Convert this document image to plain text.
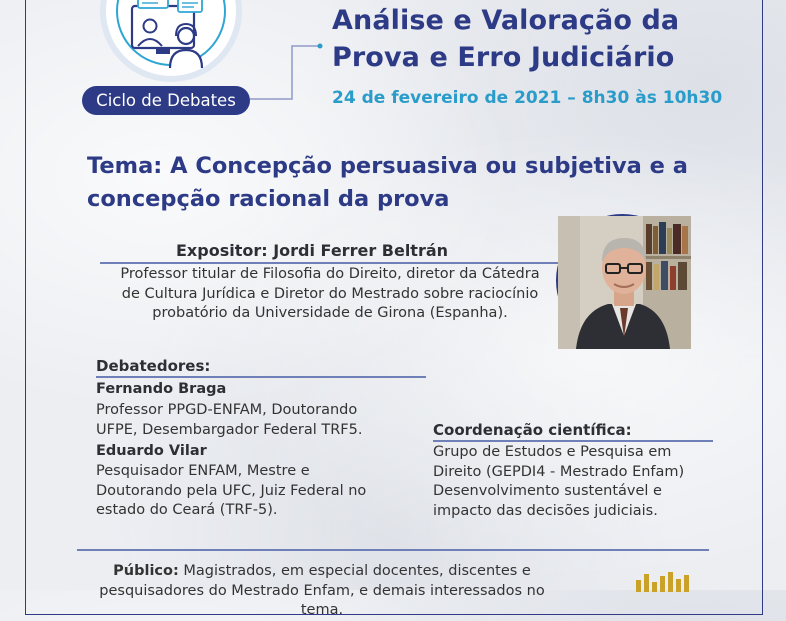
Ciclo de Debates
Análise e Valoração da
Prova e Erro Judiciário
24 de fevereiro de 2021 – 8h30 às 10h30
Tema: A Concepção persuasiva ou subjetiva e a
concepção racional da prova
Expositor: Jordi Ferrer Beltrán
Professor titular de Filosofia do Direito, diretor da Cátedra
de Cultura Jurídica e Diretor do Mestrado sobre raciocínio
probatório da Universidade de Girona (Espanha).
Debatedores:
Fernando Braga
Professor PPGD-ENFAM, Doutorando
UFPE, Desembargador Federal TRF5.
Eduardo Vilar
Pesquisador ENFAM, Mestre e
Doutorando pela UFC, Juiz Federal no
estado do Ceará (TRF-5).
Coordenação científica:
Grupo de Estudos e Pesquisa em
Direito (GEPDI4 - Mestrado Enfam)
Desenvolvimento sustentável e
impacto das decisões judiciais.
Público: Magistrados, em especial docentes, discentes e
pesquisadores do Mestrado Enfam, e demais interessados no tema.
